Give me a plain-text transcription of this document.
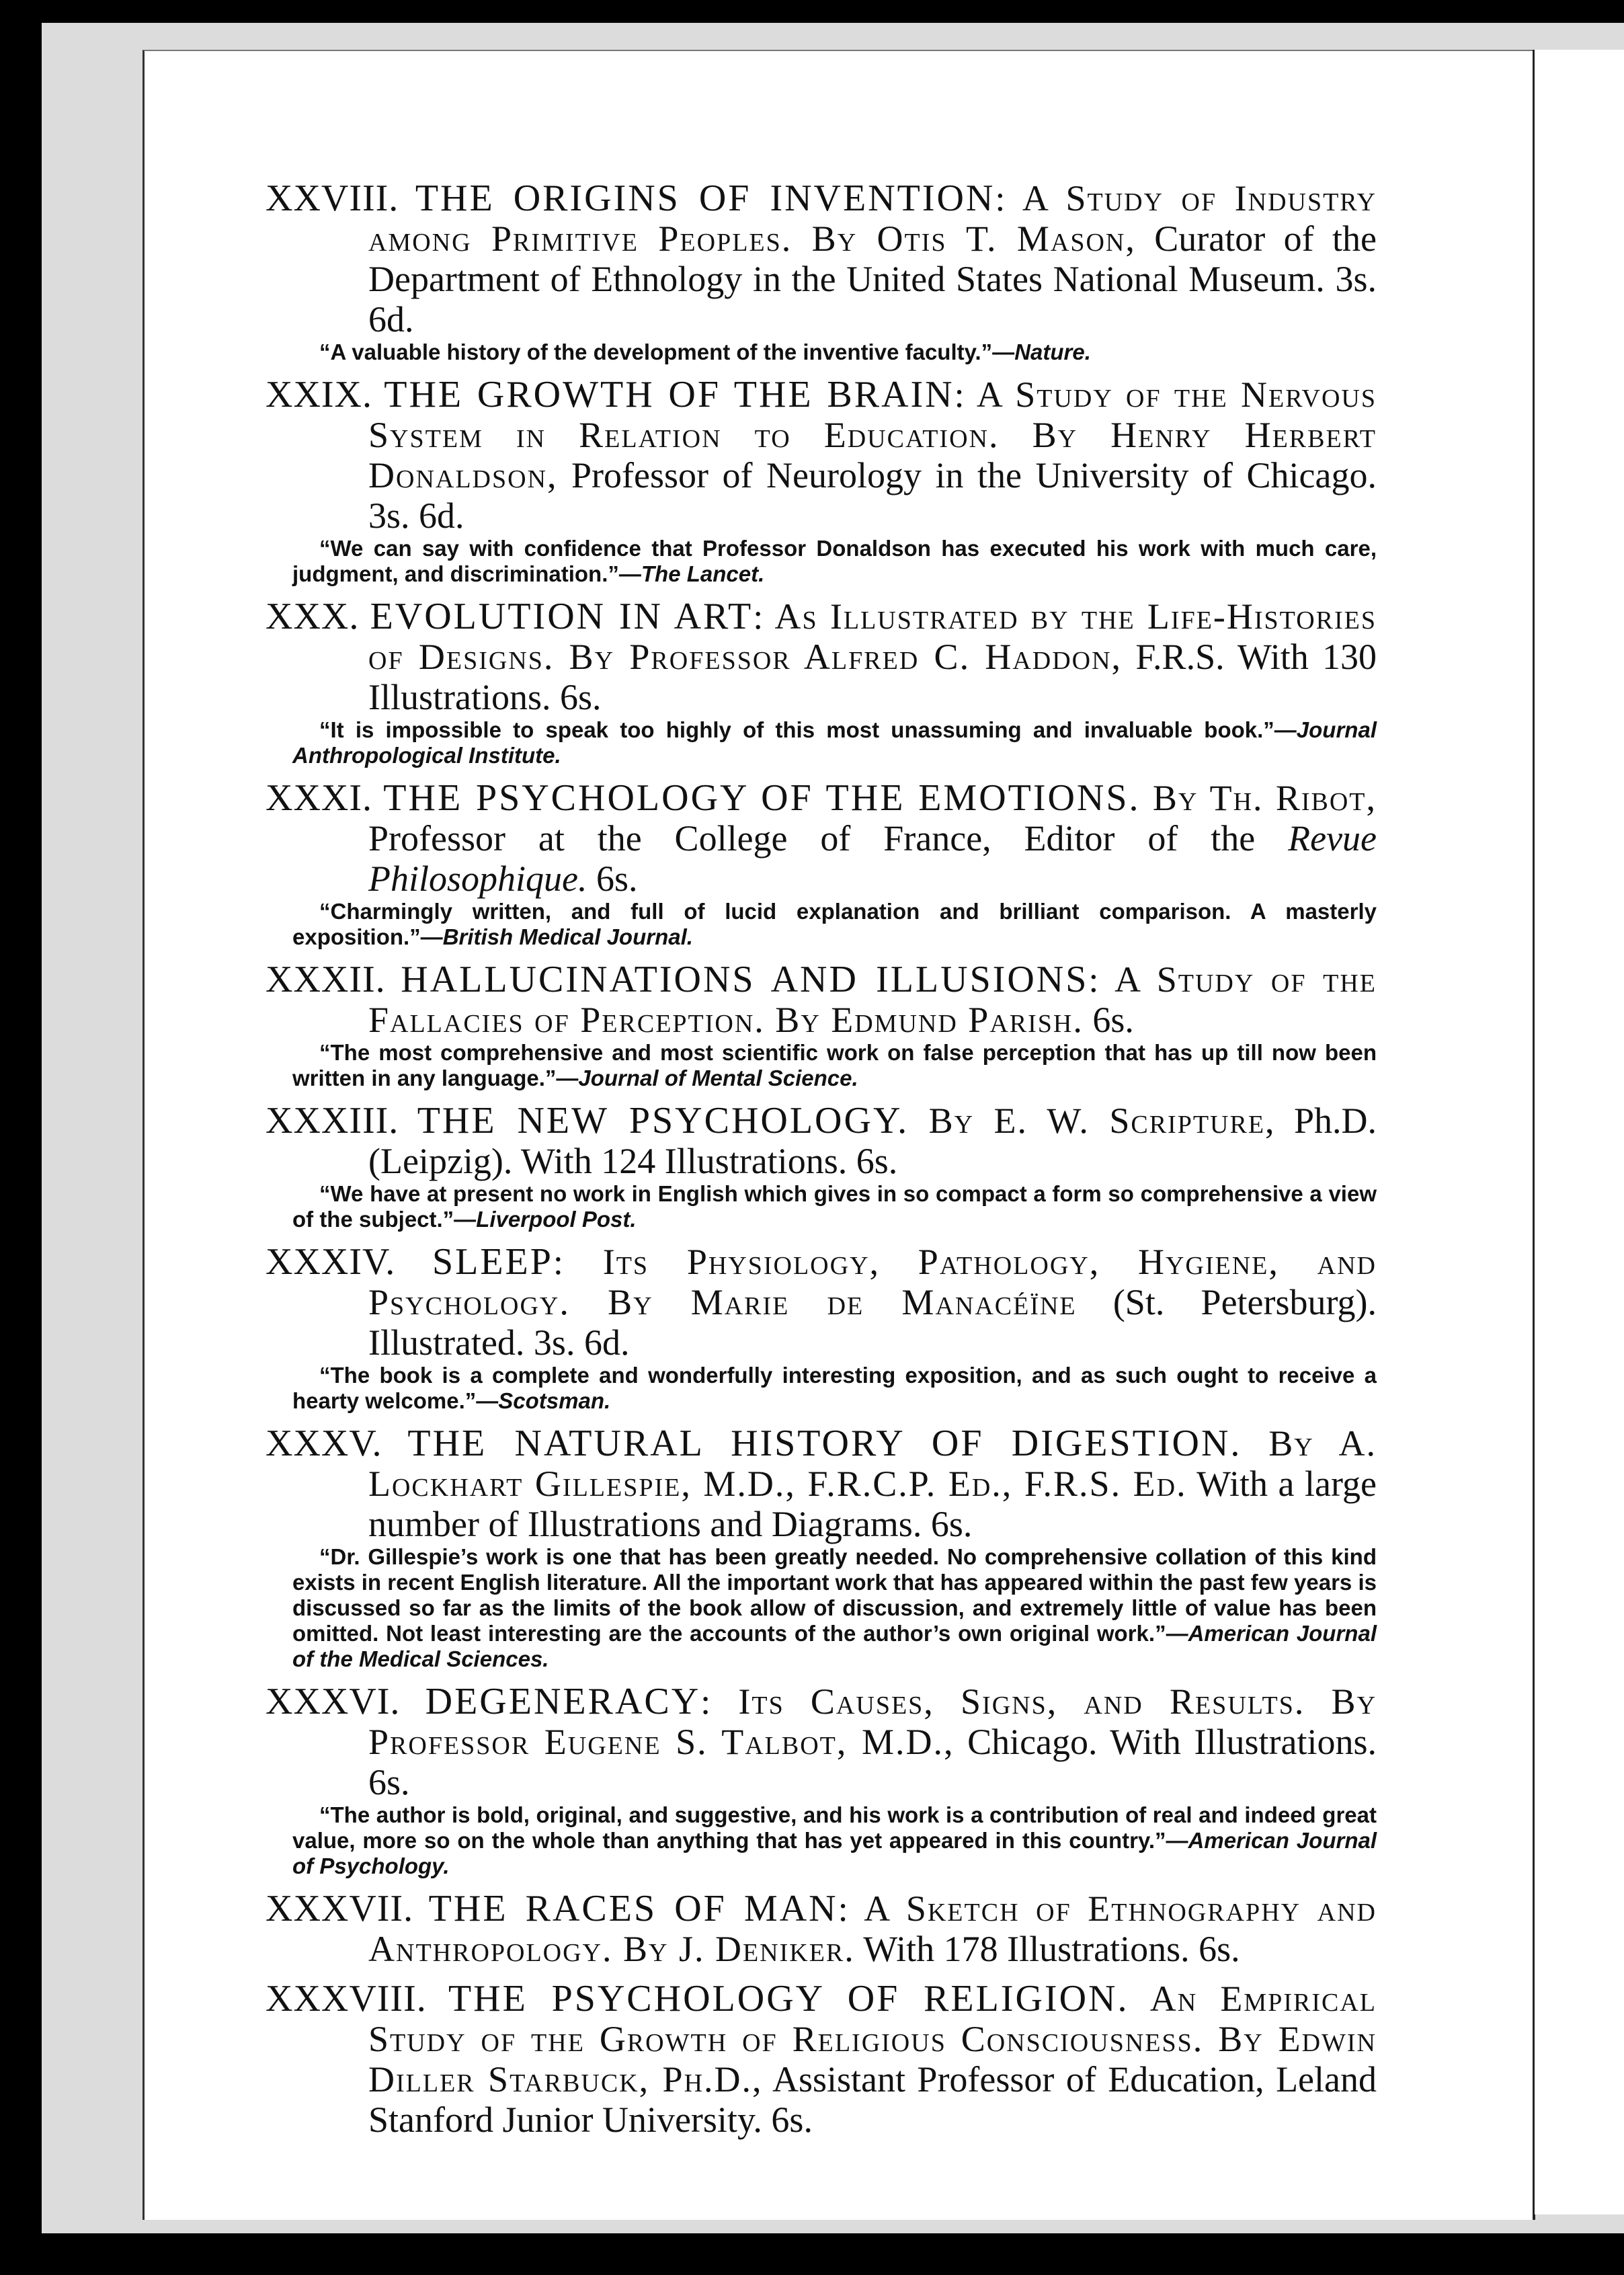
XXVIII. THE ORIGINS OF INVENTION: A Study of Industry among Primitive Peoples. By Otis T. Mason, Curator of the Department of Ethnology in the United States National Museum. 3s. 6d.

“A valuable history of the development of the inventive faculty.”—Nature.

XXIX. THE GROWTH OF THE BRAIN: A Study of the Nervous System in Relation to Education. By Henry Herbert Donaldson, Professor of Neurology in the University of Chicago. 3s. 6d.

“We can say with confidence that Professor Donaldson has executed his work with much care, judgment, and discrimination.”—The Lancet.

XXX. EVOLUTION IN ART: As Illustrated by the Life-Histories of Designs. By Professor Alfred C. Haddon, F.R.S. With 130 Illustrations. 6s.

“It is impossible to speak too highly of this most unassuming and invaluable book.”—Journal Anthropological Institute.

XXXI. THE PSYCHOLOGY OF THE EMOTIONS. By Th. Ribot, Professor at the College of France, Editor of the Revue Philosophique. 6s.

“Charmingly written, and full of lucid explanation and brilliant comparison. A masterly exposition.”—British Medical Journal.

XXXII. HALLUCINATIONS AND ILLUSIONS: A Study of the Fallacies of Perception. By Edmund Parish. 6s.

“The most comprehensive and most scientific work on false perception that has up till now been written in any language.”—Journal of Mental Science.

XXXIII. THE NEW PSYCHOLOGY. By E. W. Scripture, Ph.D. (Leipzig). With 124 Illustrations. 6s.

“We have at present no work in English which gives in so compact a form so comprehensive a view of the subject.”—Liverpool Post.

XXXIV. SLEEP: Its Physiology, Pathology, Hygiene, and Psychology. By Marie de Manacéïne (St. Petersburg). Illustrated. 3s. 6d.

“The book is a complete and wonderfully interesting exposition, and as such ought to receive a hearty welcome.”—Scotsman.

XXXV. THE NATURAL HISTORY OF DIGESTION. By A. Lockhart Gillespie, M.D., F.R.C.P. Ed., F.R.S. Ed. With a large number of Illustrations and Diagrams. 6s.

“Dr. Gillespie’s work is one that has been greatly needed. No comprehensive collation of this kind exists in recent English literature. All the important work that has appeared within the past few years is discussed so far as the limits of the book allow of discussion, and extremely little of value has been omitted. Not least interesting are the accounts of the author’s own original work.”—American Journal of the Medical Sciences.

XXXVI. DEGENERACY: Its Causes, Signs, and Results. By Professor Eugene S. Talbot, M.D., Chicago. With Illustrations. 6s.

“The author is bold, original, and suggestive, and his work is a contribution of real and indeed great value, more so on the whole than anything that has yet appeared in this country.”—American Journal of Psychology.

XXXVII. THE RACES OF MAN: A Sketch of Ethnography and Anthropology. By J. Deniker. With 178 Illustrations. 6s.

XXXVIII. THE PSYCHOLOGY OF RELIGION. An Empirical Study of the Growth of Religious Consciousness. By Edwin Diller Starbuck, Ph.D., Assistant Professor of Education, Leland Stanford Junior University. 6s.
